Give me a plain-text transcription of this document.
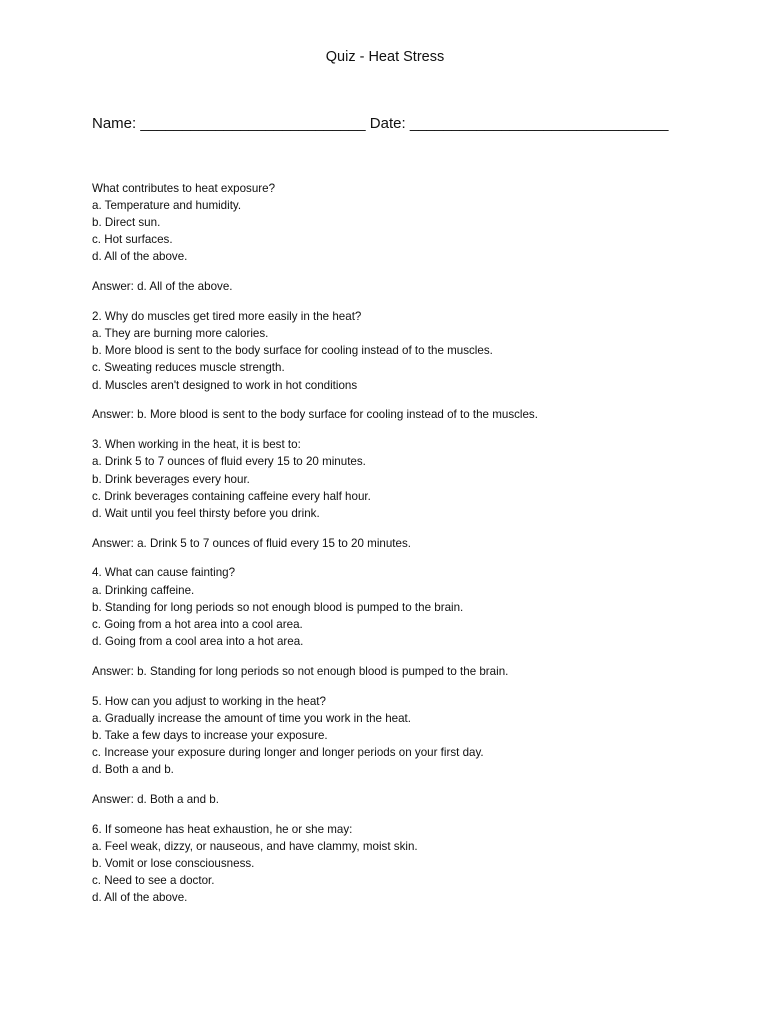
Quiz - Heat Stress
Name: ___________________________ Date: _______________________________
What contributes to heat exposure?
a. Temperature and humidity.
b. Direct sun.
c. Hot surfaces.
d. All of the above.
Answer: d. All of the above.
2. Why do muscles get tired more easily in the heat?
a. They are burning more calories.
b. More blood is sent to the body surface for cooling instead of to the muscles.
c. Sweating reduces muscle strength.
d. Muscles aren't designed to work in hot conditions
Answer: b. More blood is sent to the body surface for cooling instead of to the muscles.
3. When working in the heat, it is best to:
a. Drink 5 to 7 ounces of fluid every 15 to 20 minutes.
b. Drink beverages every hour.
c. Drink beverages containing caffeine every half hour.
d. Wait until you feel thirsty before you drink.
Answer: a. Drink 5 to 7 ounces of fluid every 15 to 20 minutes.
4. What can cause fainting?
a. Drinking caffeine.
b. Standing for long periods so not enough blood is pumped to the brain.
c. Going from a hot area into a cool area.
d. Going from a cool area into a hot area.
Answer: b. Standing for long periods so not enough blood is pumped to the brain.
5. How can you adjust to working in the heat?
a. Gradually increase the amount of time you work in the heat.
b. Take a few days to increase your exposure.
c. Increase your exposure during longer and longer periods on your first day.
d. Both a and b.
Answer: d. Both a and b.
6. If someone has heat exhaustion, he or she may:
a. Feel weak, dizzy, or nauseous, and have clammy, moist skin.
b. Vomit or lose consciousness.
c. Need to see a doctor.
d. All of the above.
